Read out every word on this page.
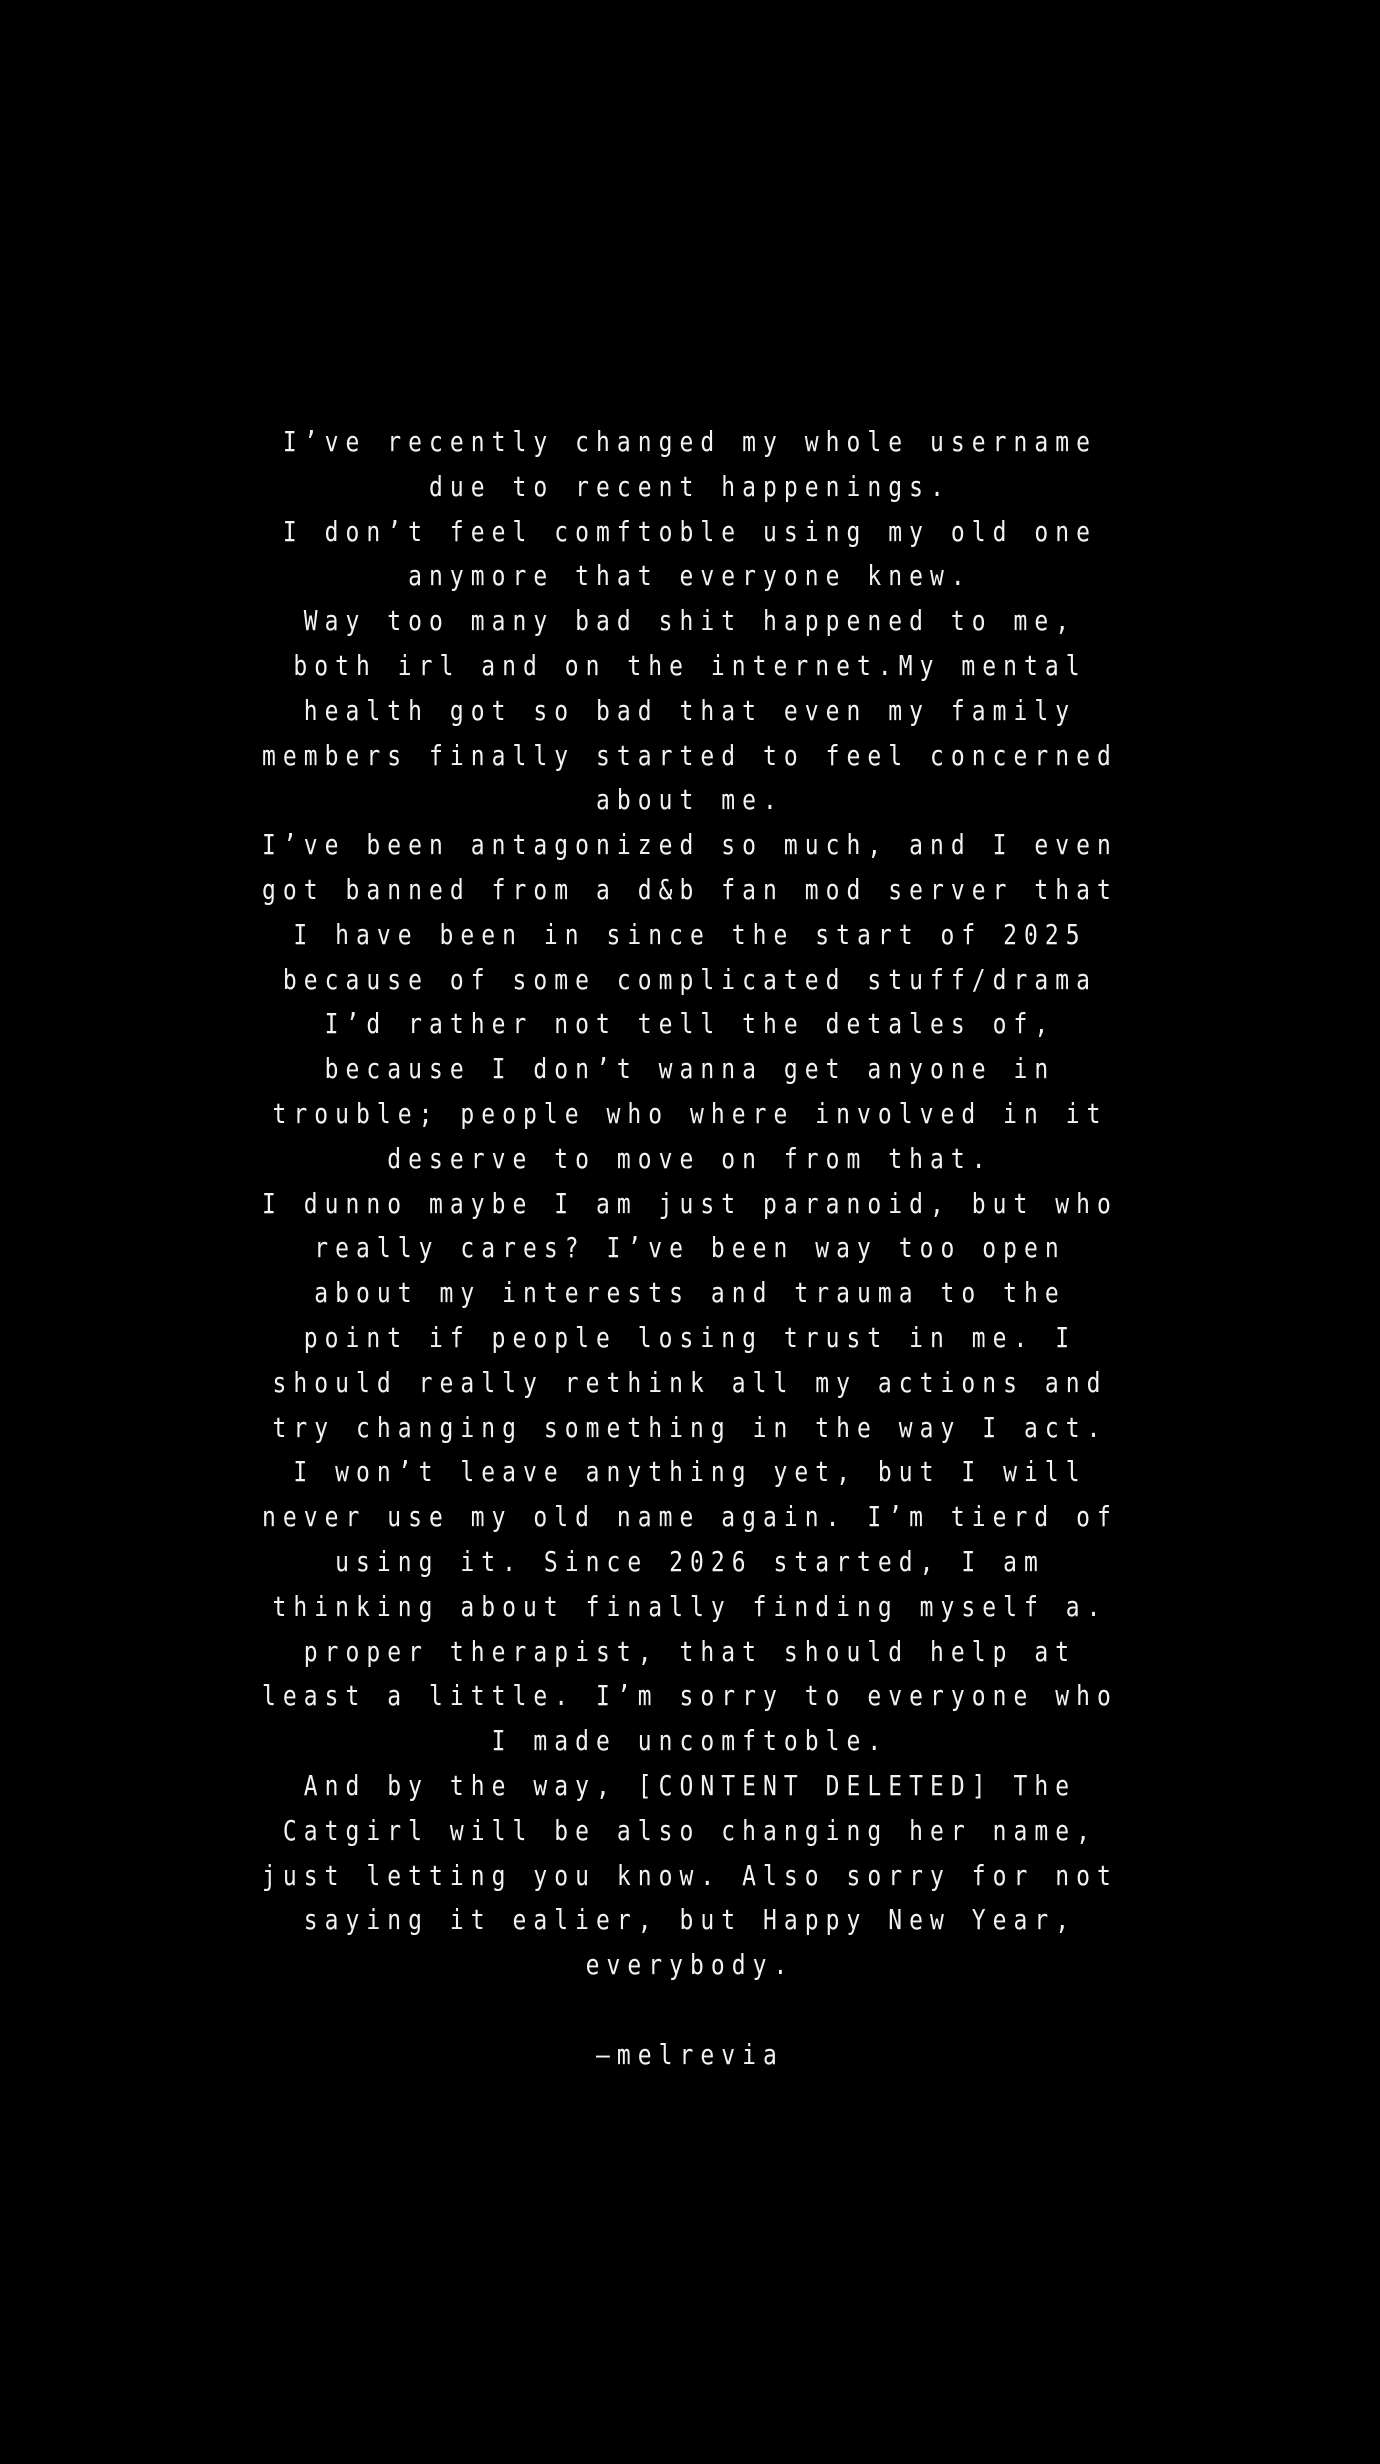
I’ve recently changed my whole username
due to recent happenings.
I don’t feel comftoble using my old one
anymore that everyone knew.
Way too many bad shit happened to me,
both irl and on the internet.My mental
health got so bad that even my family
members finally started to feel concerned
about me.
I’ve been antagonized so much, and I even
got banned from a d&b fan mod server that
I have been in since the start of 2025
because of some complicated stuff/drama
I’d rather not tell the detales of,
because I don’t wanna get anyone in
trouble; people who where involved in it
deserve to move on from that.
I dunno maybe I am just paranoid, but who
really cares? I’ve been way too open
about my interests and trauma to the
point if people losing trust in me. I
should really rethink all my actions and
try changing something in the way I act.
I won’t leave anything yet, but I will
never use my old name again. I’m tierd of
using it. Since 2026 started, I am
thinking about finally finding myself a.
proper therapist, that should help at
least a little. I’m sorry to everyone who
I made uncomftoble.
And by the way, [CONTENT DELETED] The
Catgirl will be also changing her name,
just letting you know. Also sorry for not
saying it ealier, but Happy New Year,
everybody.
–melrevia
